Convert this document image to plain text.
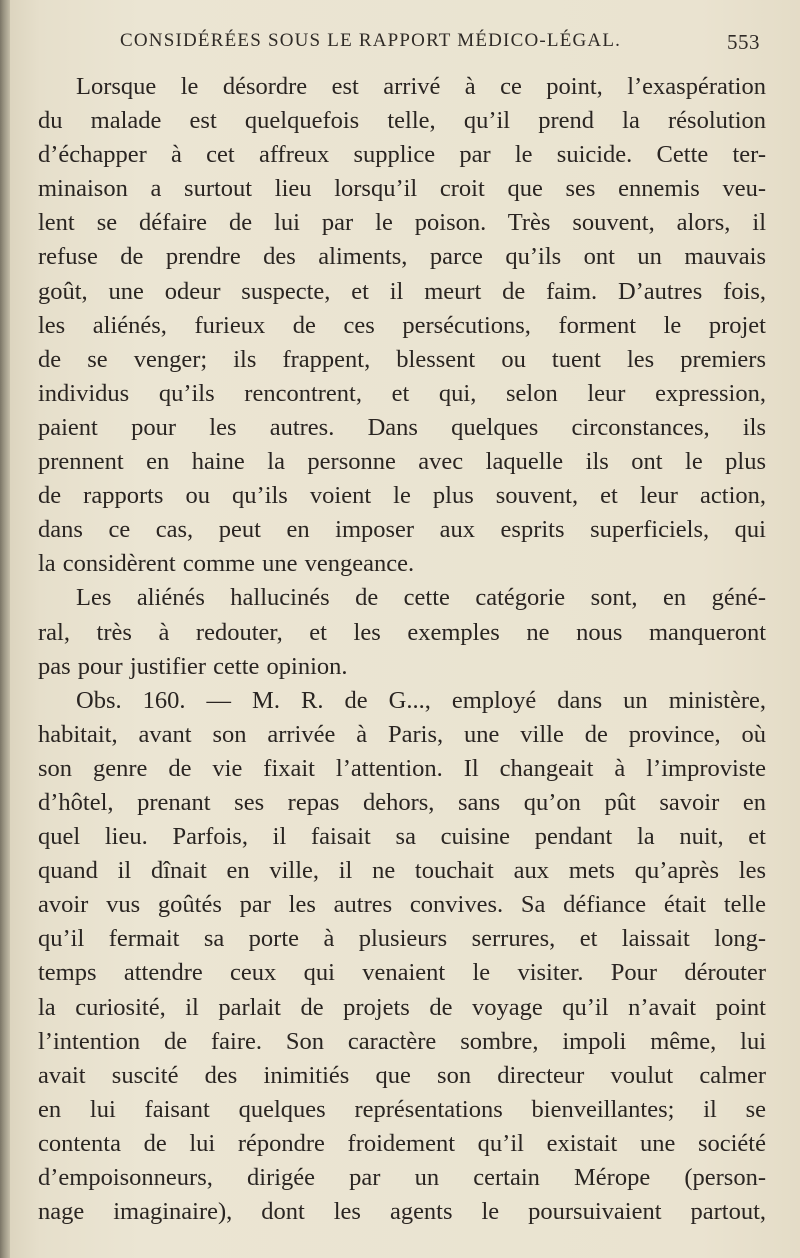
CONSIDÉRÉES SOUS LE RAPPORT MÉDICO-LÉGAL.	553
Lorsque le désordre est arrivé à ce point, l’exaspération
du malade est quelquefois telle, qu’il prend la résolution
d’échapper à cet affreux supplice par le suicide. Cette ter-
minaison a surtout lieu lorsqu’il croit que ses ennemis veu-
lent se défaire de lui par le poison. Très souvent, alors, il
refuse de prendre des aliments, parce qu’ils ont un mauvais
goût, une odeur suspecte, et il meurt de faim. D’autres fois,
les aliénés, furieux de ces persécutions, forment le projet
de se venger; ils frappent, blessent ou tuent les premiers
individus qu’ils rencontrent, et qui, selon leur expression,
paient pour les autres. Dans quelques circonstances, ils
prennent en haine la personne avec laquelle ils ont le plus
de rapports ou qu’ils voient le plus souvent, et leur action,
dans ce cas, peut en imposer aux esprits superficiels, qui
la considèrent comme une vengeance.
Les aliénés hallucinés de cette catégorie sont, en géné-
ral, très à redouter, et les exemples ne nous manqueront
pas pour justifier cette opinion.
Obs. 160. — M. R. de G..., employé dans un ministère,
habitait, avant son arrivée à Paris, une ville de province, où
son genre de vie fixait l’attention. Il changeait à l’improviste
d’hôtel, prenant ses repas dehors, sans qu’on pût savoir en
quel lieu. Parfois, il faisait sa cuisine pendant la nuit, et
quand il dînait en ville, il ne touchait aux mets qu’après les
avoir vus goûtés par les autres convives. Sa défiance était telle
qu’il fermait sa porte à plusieurs serrures, et laissait long-
temps attendre ceux qui venaient le visiter. Pour dérouter
la curiosité, il parlait de projets de voyage qu’il n’avait point
l’intention de faire. Son caractère sombre, impoli même, lui
avait suscité des inimitiés que son directeur voulut calmer
en lui faisant quelques représentations bienveillantes; il se
contenta de lui répondre froidement qu’il existait une société
d’empoisonneurs, dirigée par un certain Mérope (person-
nage imaginaire), dont les agents le poursuivaient partout,
